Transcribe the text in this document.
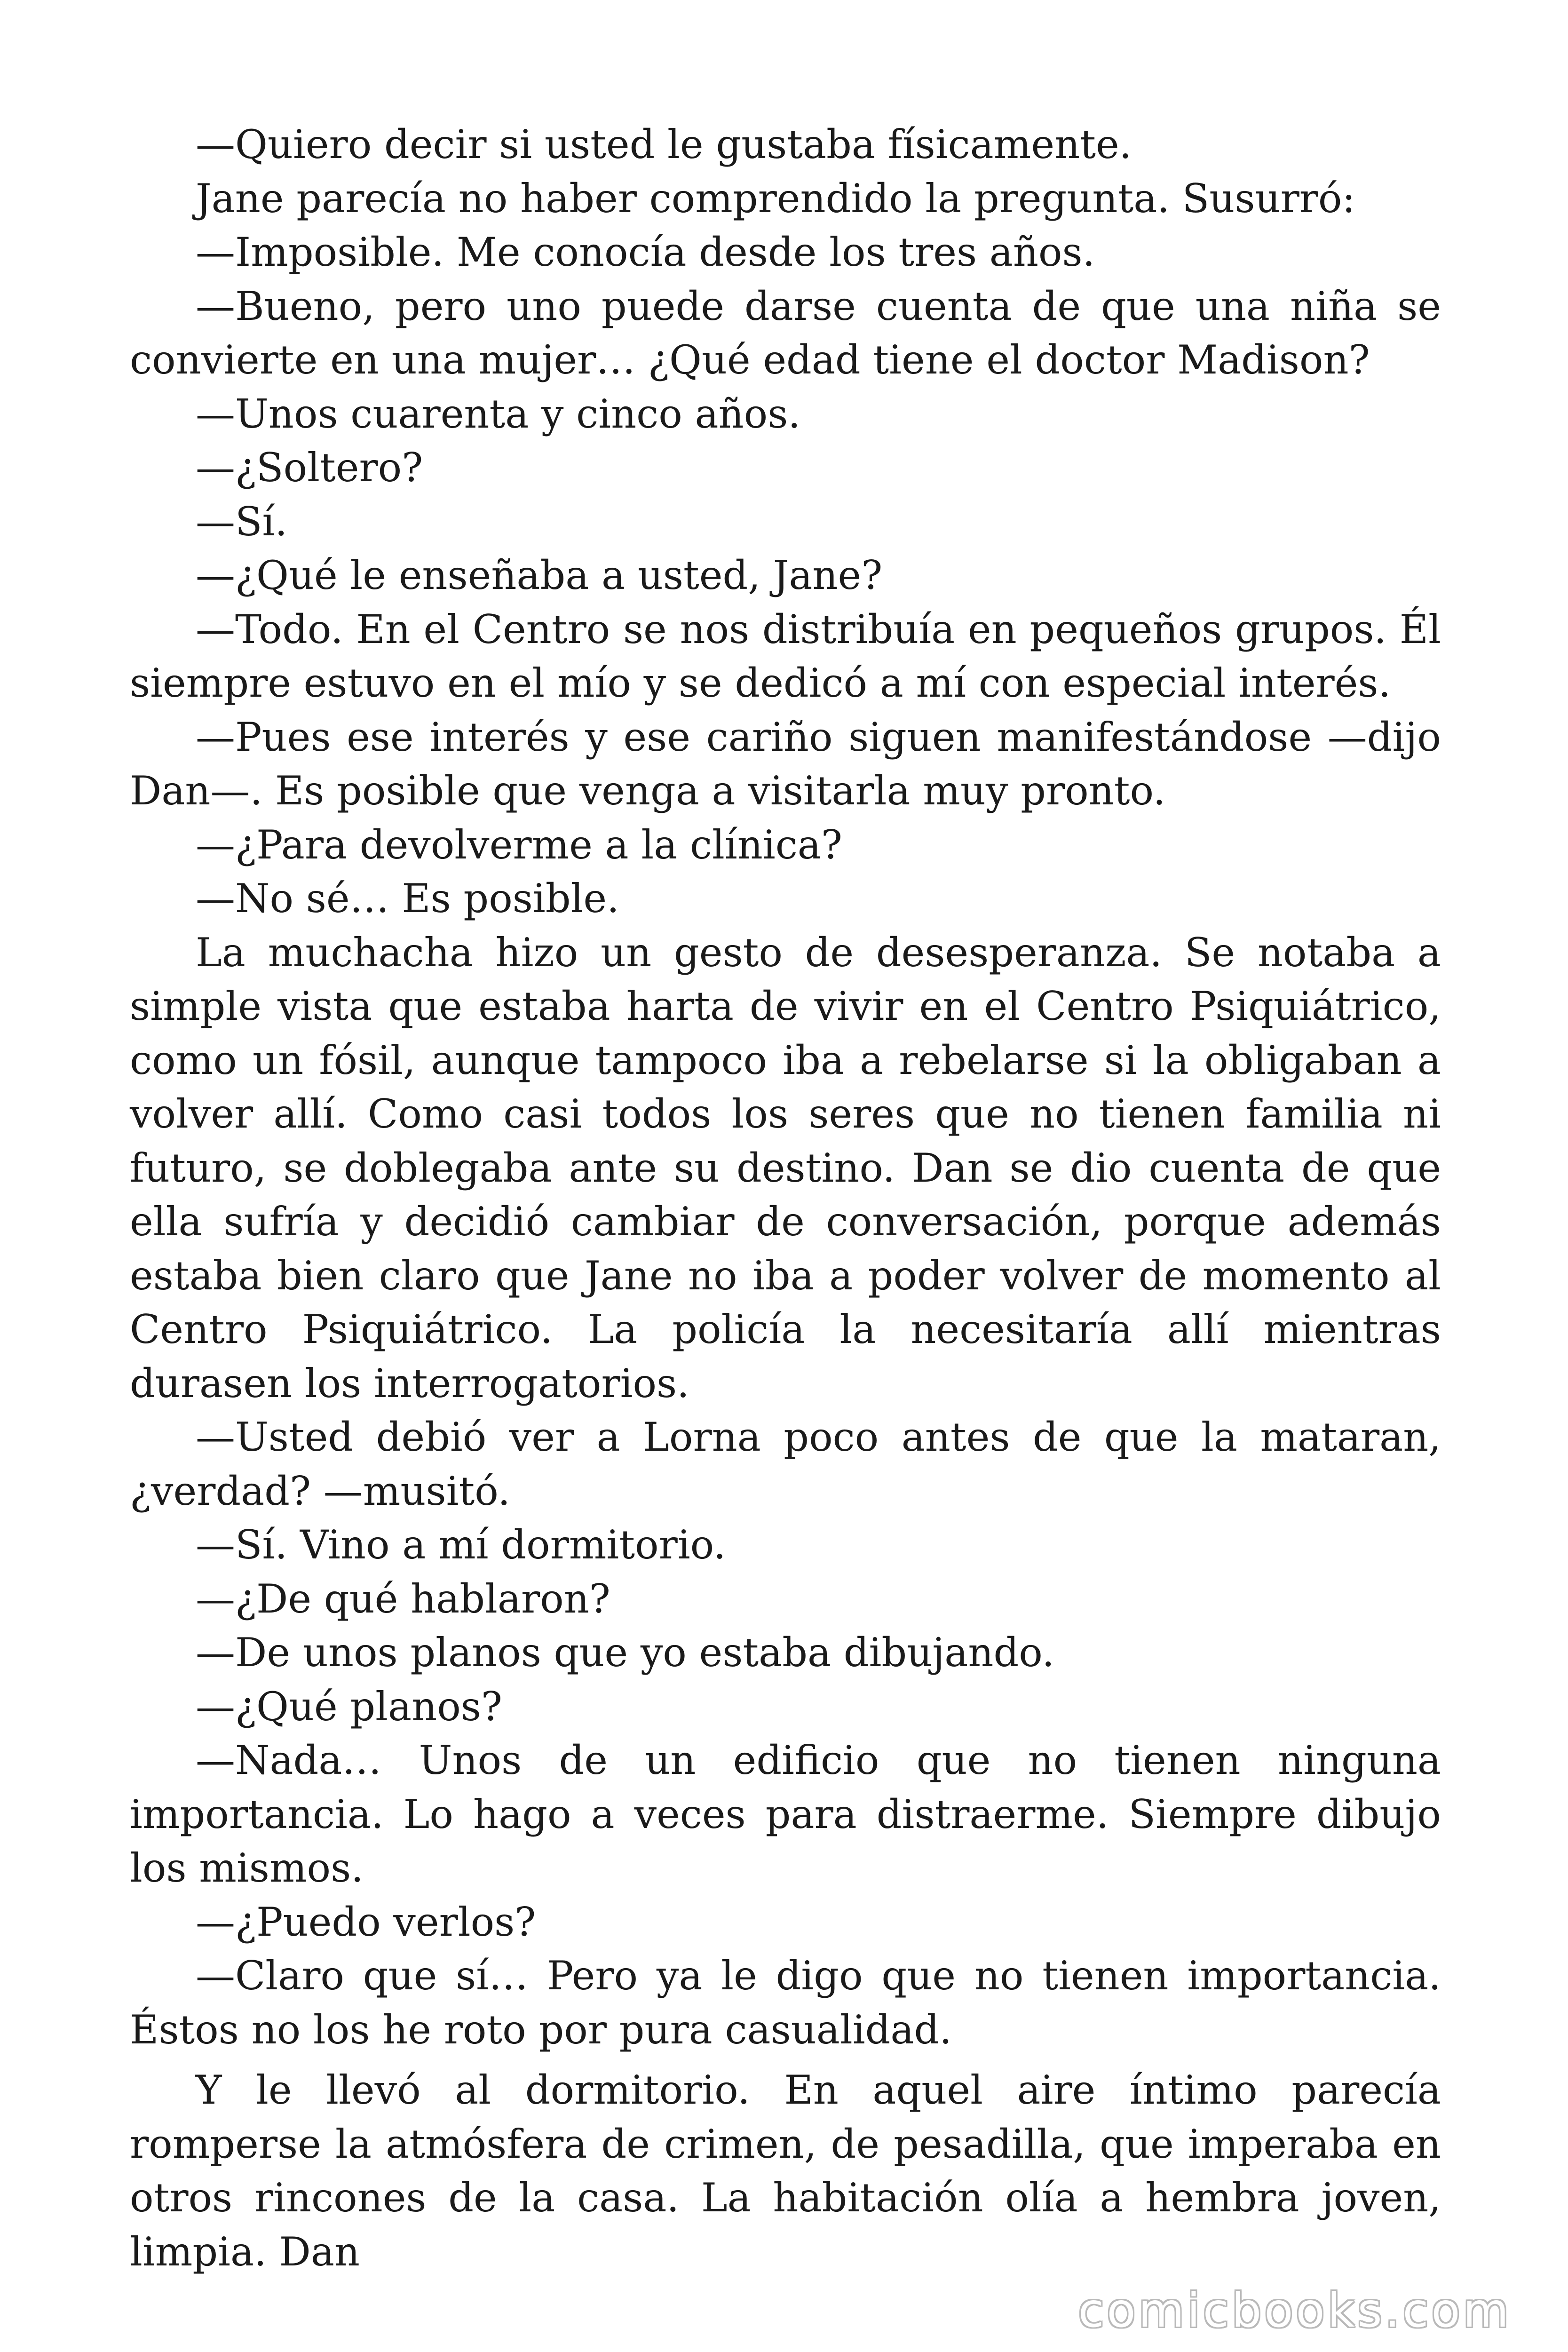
—Quiero decir si usted le gustaba físicamente.

Jane parecía no haber comprendido la pregunta. Susurró:

—Imposible. Me conocía desde los tres años.

—Bueno, pero uno puede darse cuenta de que una niña se convierte en una mujer… ¿Qué edad tiene el doctor Madison?

—Unos cuarenta y cinco años.

—¿Soltero?

—Sí.

—¿Qué le enseñaba a usted, Jane?

—Todo. En el Centro se nos distribuía en pequeños grupos. Él siempre estuvo en el mío y se dedicó a mí con especial interés.

—Pues ese interés y ese cariño siguen manifestándose —dijo Dan—. Es posible que venga a visitarla muy pronto.

—¿Para devolverme a la clínica?

—No sé… Es posible.

La muchacha hizo un gesto de desesperanza. Se notaba a simple vista que estaba harta de vivir en el Centro Psiquiátrico, como un fósil, aunque tampoco iba a rebelarse si la obligaban a volver allí. Como casi todos los seres que no tienen familia ni futuro, se doblegaba ante su destino. Dan se dio cuenta de que ella sufría y decidió cambiar de conversación, porque además estaba bien claro que Jane no iba a poder volver de momento al Centro Psiquiátrico. La policía la necesitaría allí mientras durasen los interrogatorios.

—Usted debió ver a Lorna poco antes de que la mataran, ¿verdad? —musitó.

—Sí. Vino a mí dormitorio.

—¿De qué hablaron?

—De unos planos que yo estaba dibujando.

—¿Qué planos?

—Nada… Unos de un edificio que no tienen ninguna importancia. Lo hago a veces para distraerme. Siempre dibujo los mismos.

—¿Puedo verlos?

—Claro que sí… Pero ya le digo que no tienen importancia. Éstos no los he roto por pura casualidad.

Y le llevó al dormitorio. En aquel aire íntimo parecía romperse la atmósfera de crimen, de pesadilla, que imperaba en otros rincones de la casa. La habitación olía a hembra joven, limpia. Dan

comicbooks.com
